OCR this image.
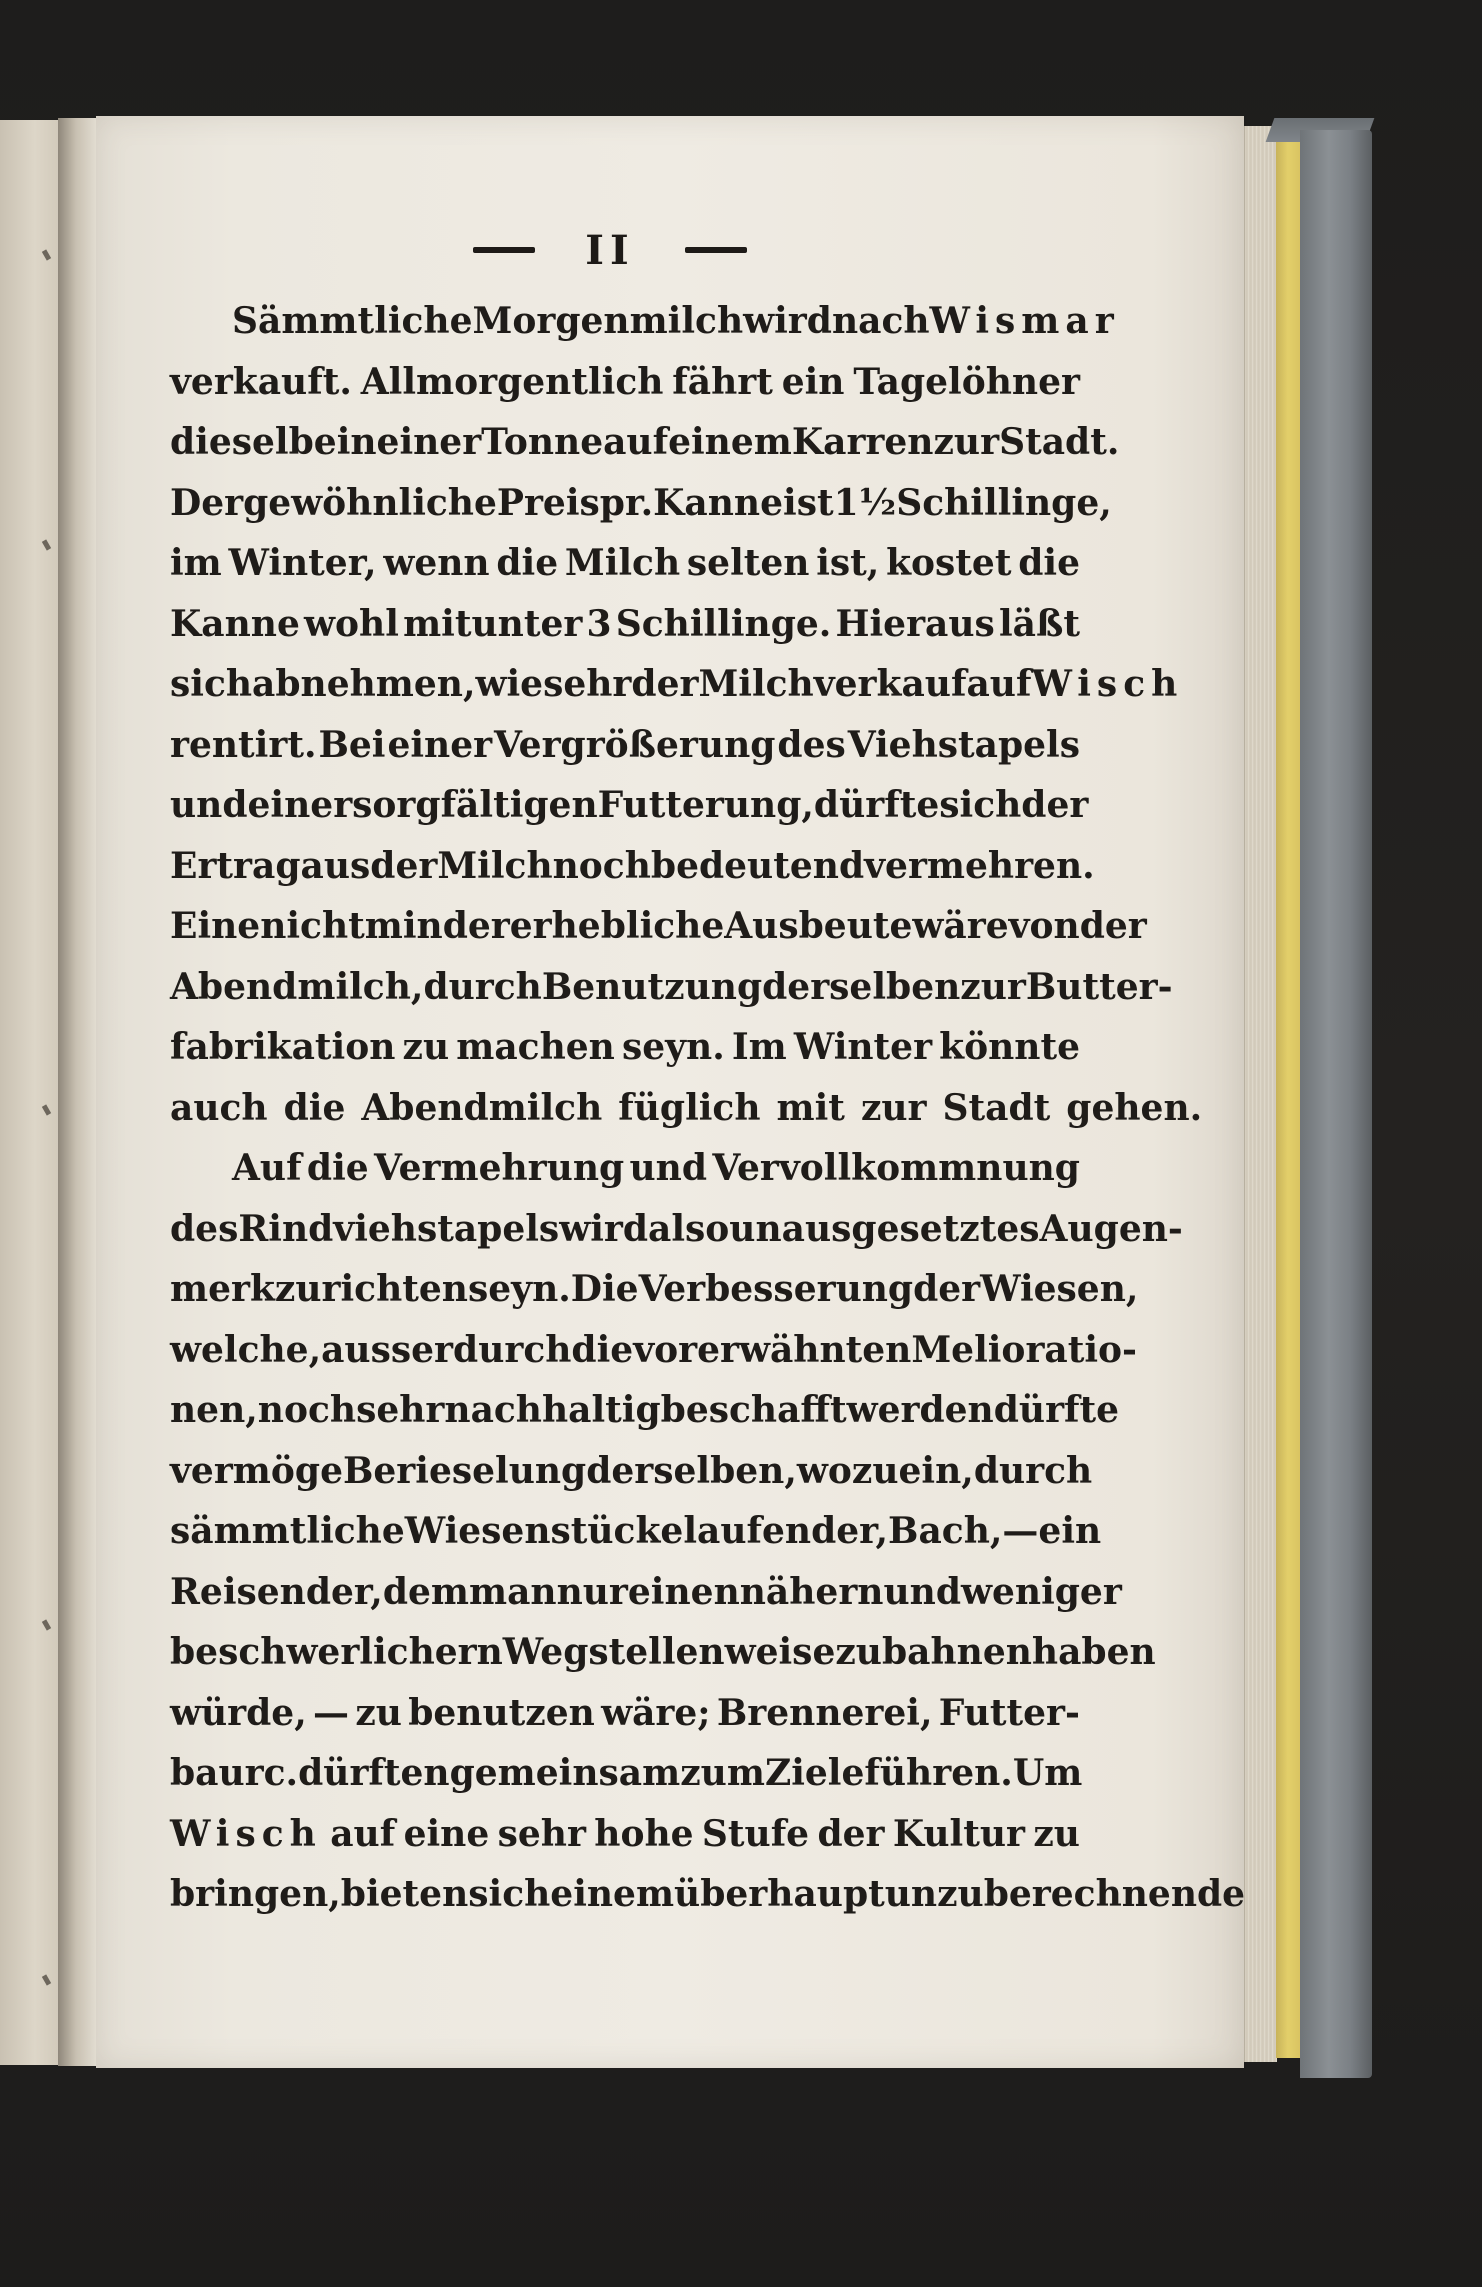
II
Sämmtliche Morgenmilch wird nach Wismar
verkauft. Allmorgentlich fährt ein Tagelöhner
dieselbe in einer Tonne auf einem Karren zur Stadt.
Der gewöhnliche Preis pr. Kanne ist 1½ Schillinge,
im Winter, wenn die Milch selten ist, kostet die
Kanne wohl mitunter 3 Schillinge. Hieraus läßt
sich abnehmen, wie sehr der Milchverkauf auf Wisch
rentirt. Bei einer Vergrößerung des Viehstapels
und einer sorgfältigen Futterung, dürfte sich der
Ertrag aus der Milch noch bedeutend vermehren.
Eine nicht minder erhebliche Ausbeute wäre von der
Abendmilch, durch Benutzung derselben zur Butter-
fabrikation zu machen seyn. Im Winter könnte
auch die Abendmilch füglich mit zur Stadt gehen.
Auf die Vermehrung und Vervollkommnung
des Rindviehstapels wird also unausgesetztes Augen-
merk zu richten seyn. Die Verbesserung der Wiesen,
welche, ausser durch die vorerwähnten Melioratio-
nen, noch sehr nachhaltig beschafft werden dürfte
vermöge Berieselung derselben, wozu ein, durch
sämmtliche Wiesenstücke laufender, Bach, — ein
Reisender, dem man nur einen nähern und weniger
beschwerlichern Weg stellenweise zu bahnen haben
würde, — zu benutzen wäre; Brennerei, Futter-
bau rc. dürften gemeinsam zum Ziele führen. Um
Wisch auf eine sehr hohe Stufe der Kultur zu
bringen, bieten sich einem überhaupt unzuberechnende
